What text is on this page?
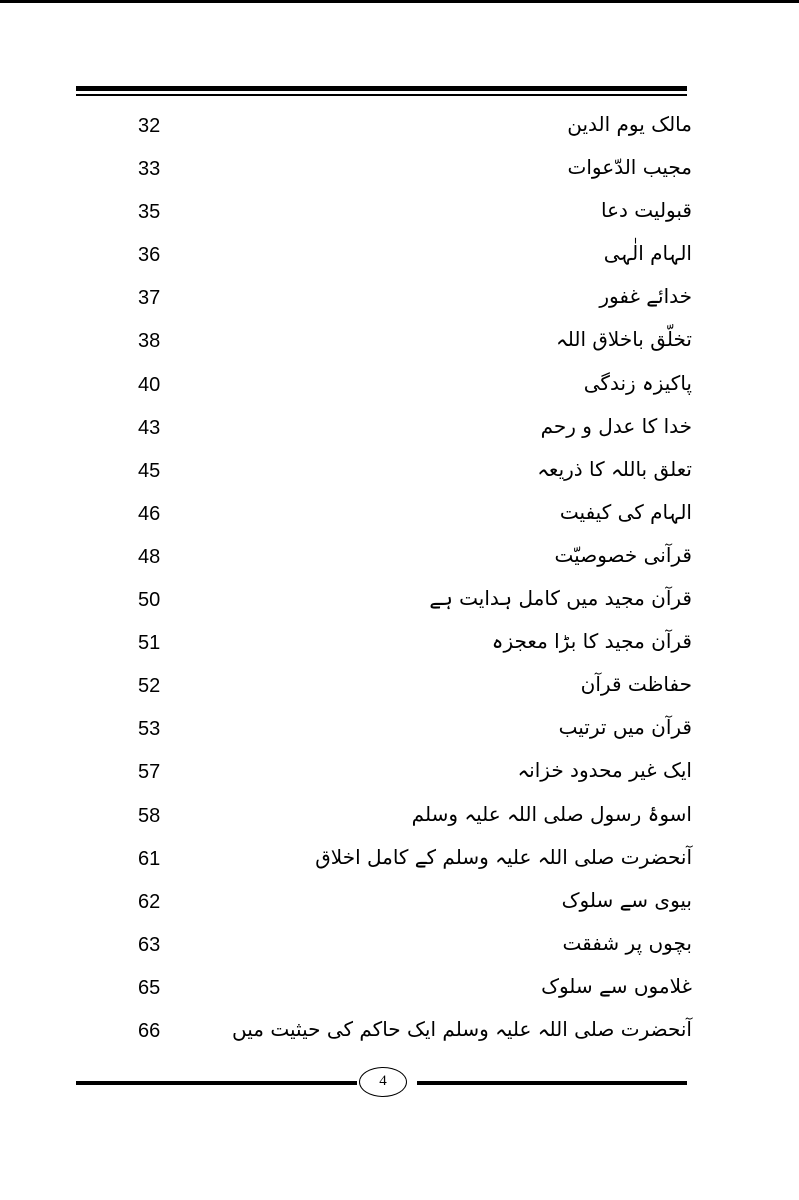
32	مالک یوم الدین
33	مجیب الدّعوات
35	قبولیت دعا
36	الہام الٰہی
37	خدائے غفور
38	تخلّق باخلاق اللہ
40	پاکیزہ زندگی
43	خدا کا عدل و رحم
45	تعلق باللہ کا ذریعہ
46	الہام کی کیفیت
48	قرآنی خصوصیّت
50	قرآن مجید میں کامل ہدایت ہے
51	قرآن مجید کا بڑا معجزہ
52	حفاظت قرآن
53	قرآن میں ترتیب
57	ایک غیر محدود خزانہ
58	اسوۂ رسول صلی اللہ علیہ وسلم
61	آنحضرت صلی اللہ علیہ وسلم کے کامل اخلاق
62	بیوی سے سلوک
63	بچوں پر شفقت
65	غلاموں سے سلوک
66	آنحضرت صلی اللہ علیہ وسلم ایک حاکم کی حیثیت میں
4
